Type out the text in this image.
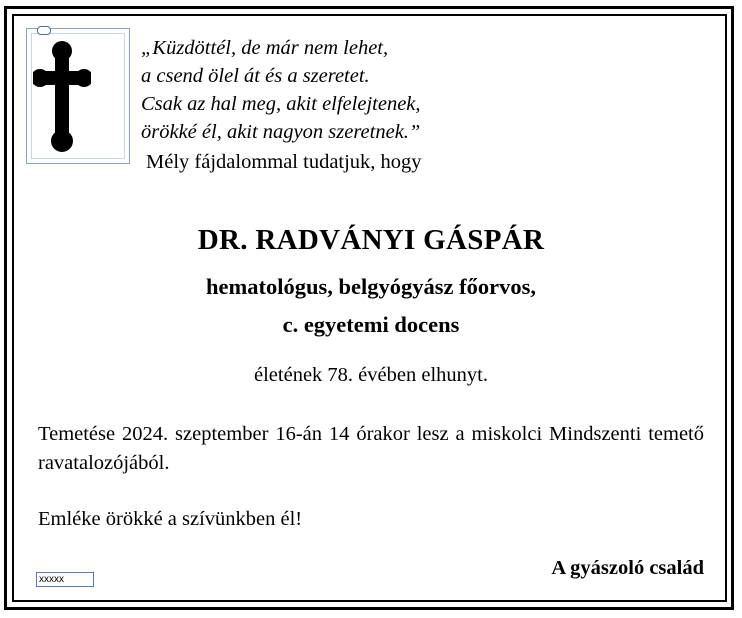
„Küzdöttél, de már nem lehet,
a csend ölel át és a szeretet.
Csak az hal meg, akit elfelejtenek,
örökké él, akit nagyon szeretnek.”
Mély fájdalommal tudatjuk, hogy
DR. RADVÁNYI GÁSPÁR
hematológus, belgyógyász főorvos,
c. egyetemi docens
életének 78. évében elhunyt.
Temetése 2024. szeptember 16-án 14 órakor lesz a miskolci Mindszenti temető ravatalozójából.
Emléke örökké a szívünkben él!
A gyászoló család
xxxxx
